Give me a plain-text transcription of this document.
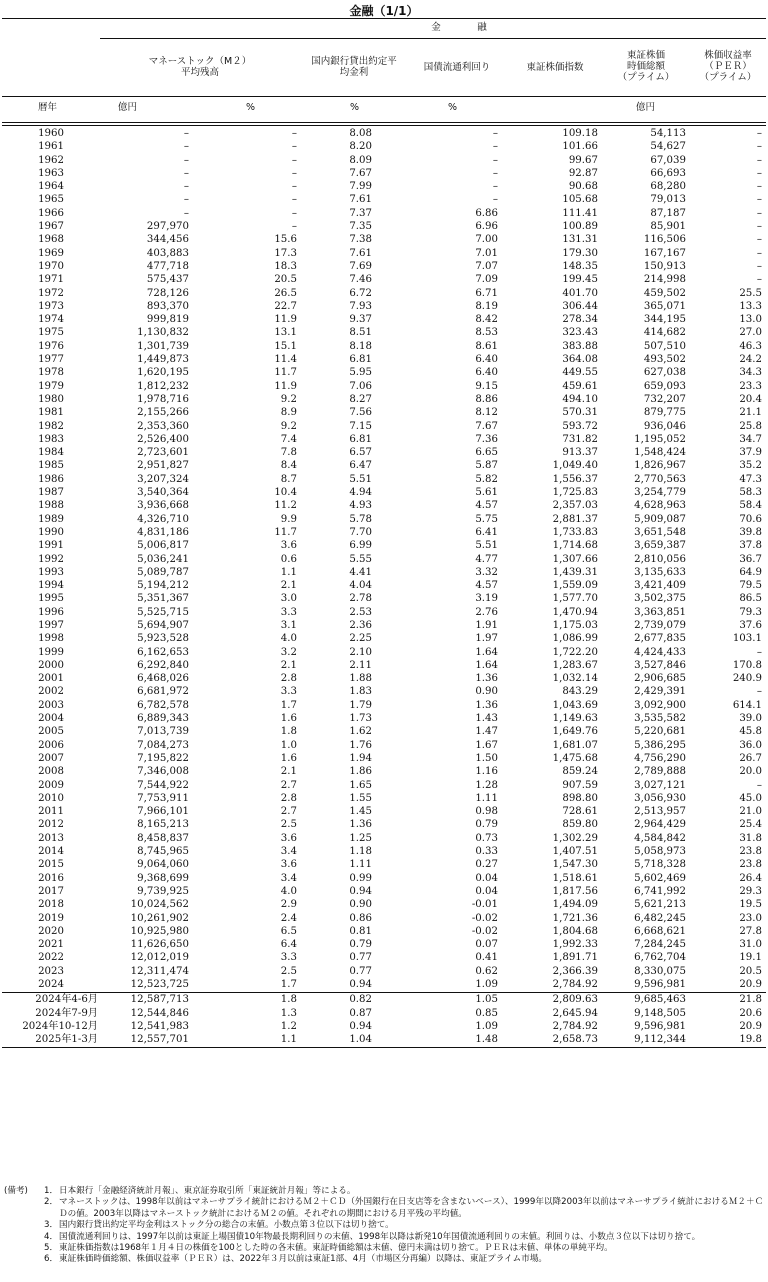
金融（1/1）
金　　　融
マネーストック（M２）
平均残高
国内銀行貸出約定平
均金利	国債流通利回り	東証株価指数
東証株価
時価総額
（プライム）
株価収益率
（ＰＥＲ）
（プライム）
暦年	億円	%	%	%	億円
1960	–	–	8.08	–	109.18	54,113	–
1961	–	–	8.20	–	101.66	54,627	–
1962	–	–	8.09	–	99.67	67,039	–
1963	–	–	7.67	–	92.87	66,693	–
1964	–	–	7.99	–	90.68	68,280	–
1965	–	–	7.61	–	105.68	79,013	–
1966	–	–	7.37	6.86	111.41	87,187	–
1967	297,970	–	7.35	6.96	100.89	85,901	–
1968	344,456	15.6	7.38	7.00	131.31	116,506	–
1969	403,883	17.3	7.61	7.01	179.30	167,167	–
1970	477,718	18.3	7.69	7.07	148.35	150,913	–
1971	575,437	20.5	7.46	7.09	199.45	214,998	–
1972	728,126	26.5	6.72	6.71	401.70	459,502	25.5
1973	893,370	22.7	7.93	8.19	306.44	365,071	13.3
1974	999,819	11.9	9.37	8.42	278.34	344,195	13.0
1975	1,130,832	13.1	8.51	8.53	323.43	414,682	27.0
1976	1,301,739	15.1	8.18	8.61	383.88	507,510	46.3
1977	1,449,873	11.4	6.81	6.40	364.08	493,502	24.2
1978	1,620,195	11.7	5.95	6.40	449.55	627,038	34.3
1979	1,812,232	11.9	7.06	9.15	459.61	659,093	23.3
1980	1,978,716	9.2	8.27	8.86	494.10	732,207	20.4
1981	2,155,266	8.9	7.56	8.12	570.31	879,775	21.1
1982	2,353,360	9.2	7.15	7.67	593.72	936,046	25.8
1983	2,526,400	7.4	6.81	7.36	731.82	1,195,052	34.7
1984	2,723,601	7.8	6.57	6.65	913.37	1,548,424	37.9
1985	2,951,827	8.4	6.47	5.87	1,049.40	1,826,967	35.2
1986	3,207,324	8.7	5.51	5.82	1,556.37	2,770,563	47.3
1987	3,540,364	10.4	4.94	5.61	1,725.83	3,254,779	58.3
1988	3,936,668	11.2	4.93	4.57	2,357.03	4,628,963	58.4
1989	4,326,710	9.9	5.78	5.75	2,881.37	5,909,087	70.6
1990	4,831,186	11.7	7.70	6.41	1,733.83	3,651,548	39.8
1991	5,006,817	3.6	6.99	5.51	1,714.68	3,659,387	37.8
1992	5,036,241	0.6	5.55	4.77	1,307.66	2,810,056	36.7
1993	5,089,787	1.1	4.41	3.32	1,439.31	3,135,633	64.9
1994	5,194,212	2.1	4.04	4.57	1,559.09	3,421,409	79.5
1995	5,351,367	3.0	2.78	3.19	1,577.70	3,502,375	86.5
1996	5,525,715	3.3	2.53	2.76	1,470.94	3,363,851	79.3
1997	5,694,907	3.1	2.36	1.91	1,175.03	2,739,079	37.6
1998	5,923,528	4.0	2.25	1.97	1,086.99	2,677,835	103.1
1999	6,162,653	3.2	2.10	1.64	1,722.20	4,424,433	–
2000	6,292,840	2.1	2.11	1.64	1,283.67	3,527,846	170.8
2001	6,468,026	2.8	1.88	1.36	1,032.14	2,906,685	240.9
2002	6,681,972	3.3	1.83	0.90	843.29	2,429,391	–
2003	6,782,578	1.7	1.79	1.36	1,043.69	3,092,900	614.1
2004	6,889,343	1.6	1.73	1.43	1,149.63	3,535,582	39.0
2005	7,013,739	1.8	1.62	1.47	1,649.76	5,220,681	45.8
2006	7,084,273	1.0	1.76	1.67	1,681.07	5,386,295	36.0
2007	7,195,822	1.6	1.94	1.50	1,475.68	4,756,290	26.7
2008	7,346,008	2.1	1.86	1.16	859.24	2,789,888	20.0
2009	7,544,922	2.7	1.65	1.28	907.59	3,027,121	–
2010	7,753,911	2.8	1.55	1.11	898.80	3,056,930	45.0
2011	7,966,101	2.7	1.45	0.98	728.61	2,513,957	21.0
2012	8,165,213	2.5	1.36	0.79	859.80	2,964,429	25.4
2013	8,458,837	3.6	1.25	0.73	1,302.29	4,584,842	31.8
2014	8,745,965	3.4	1.18	0.33	1,407.51	5,058,973	23.8
2015	9,064,060	3.6	1.11	0.27	1,547.30	5,718,328	23.8
2016	9,368,699	3.4	0.99	0.04	1,518.61	5,602,469	26.4
2017	9,739,925	4.0	0.94	0.04	1,817.56	6,741,992	29.3
2018	10,024,562	2.9	0.90	-0.01	1,494.09	5,621,213	19.5
2019	10,261,902	2.4	0.86	-0.02	1,721.36	6,482,245	23.0
2020	10,925,980	6.5	0.81	-0.02	1,804.68	6,668,621	27.8
2021	11,626,650	6.4	0.79	0.07	1,992.33	7,284,245	31.0
2022	12,012,019	3.3	0.77	0.41	1,891.71	6,762,704	19.1
2023	12,311,474	2.5	0.77	0.62	2,366.39	8,330,075	20.5
2024	12,523,725	1.7	0.94	1.09	2,784.92	9,596,981	20.9
2024年4-6月	12,587,713	1.8	0.82	1.05	2,809.63	9,685,463	21.8
2024年7-9月	12,544,846	1.3	0.87	0.85	2,645.94	9,148,505	20.6
2024年10-12月	12,541,983	1.2	0.94	1.09	2,784.92	9,596,981	20.9
2025年1-3月	12,557,701	1.1	1.04	1.48	2,658.73	9,112,344	19.8
(備考)	1． 日本銀行「金融経済統計月報」、東京証券取引所「東証統計月報」等による。
2． マネーストックは、1998年以前はマネーサプライ統計におけるＭ２＋ＣＤ（外国銀行在日支店等を含まないベース）、1999年以降2003年以前はマネーサプライ統計におけるＭ２＋ＣＤの値。2003年以降はマネーストック統計におけるＭ２の値。それぞれの期間における月平残の平均値。
3． 国内銀行貸出約定平均金利はストック分の総合の末値。小数点第３位以下は切り捨て。
4． 国債流通利回りは、1997年以前は東証上場国債10年物最長期利回りの末値、1998年以降は新発10年国債流通利回りの末値。利回りは、小数点３位以下は切り捨て。
5． 東証株価指数は1968年１月４日の株価を100とした時の各末値。東証時価総額は末値、億円未満は切り捨て。ＰＥＲは末値、単体の単純平均。
6． 東証株価時価総額、株価収益率（ＰＥＲ）は、2022年３月以前は東証1部、4月（市場区分再編）以降は、東証プライム市場。
